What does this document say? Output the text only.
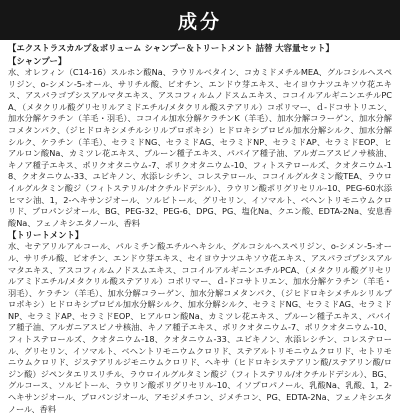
成分

【エクストラスカルプ＆ボリューム シャンプー＆トリートメント 詰替 大容量セット】

【シャンプー】

水、オレフィン（C14-16）スルホン酸Na、ラウリルベタイン、コカミドメチルMEA、グルコシルヘスペリジン、o-シメン-5-オール、サリチル酸、ビオチン、エンドウ芽エキス、セイヨウナツユキソウ花エキス、アスパラゴプシスアルマタエキス、アスコフィルムノドスムエキス、ココイルアルギニンエチルPCA、（メタクリル酸グリセリルアミドエチル/メタクリル酸ステアリル）コポリマー、ｄ-ドコサトリエン、加水分解ケラチン（羊毛・羽毛）、ココイル加水分解ケラチンK（羊毛）、加水分解コラーゲン、加水分解コメタンパク、（ジヒドロキシメチルシリルプロポキシ）ヒドロキシプロピル加水分解シルク、加水分解シルク、ケラチン（羊毛）、セラミドNG、セラミドAG、セラミドNP、セラミドAP、セラミドEOP、ヒアルロン酸Na、カミツレ花エキス、プルーン種子エキス、パパイア種子油、アルガニアスピノサ核油、キノア種子エキス、ポリクオタニウム-7、ポリクオタニウム-10、フィトステロールズ、クオタニウム-18、クオタニウム-33、ユビキノン、水添レシチン、コレステロール、ココイルグルタミン酸TEA、ラウロイルグルタミン酸ジ（フィトステリル/オクチルドデシル）、ラウリン酸ポリグリセリル-10、PEG-60水添ヒマシ油、1，2-ヘキサンジオール、ソルビトール、グリセリン、イソマルト、ベヘントリモニウムクロリド、プロパンジオール、BG、PEG-32、PEG-6、DPG、PG、塩化Na、クエン酸、EDTA-2Na、安息香酸Na、フェノキシエタノール、香料

【トリートメント】

水、セテアリルアルコール、パルミチン酸エチルヘキシル、グルコシルヘスペリジン、o-シメン-5-オール、サリチル酸、ビオチン、エンドウ芽エキス、セイヨウナツユキソウ花エキス、アスパラゴプシスアルマタエキス、アスコフィルムノドスムエキス、ココイルアルギニンエチルPCA、（メタクリル酸グリセリルアミドエチル/メタクリル酸ステアリル）コポリマー、ｄ-ドコサトリエン、加水分解ケラチン（羊毛・羽毛）、ケラチン（羊毛）、加水分解コラーゲン、加水分解コメタンパク、（ジヒドロキシメチルシリルプロポキシ）ヒドロキシプロピル加水分解シルク、加水分解シルク、セラミドNG、セラミドAG、セラミドNP、セラミドAP、セラミドEOP、ヒアルロン酸Na、カミツレ花エキス、プルーン種子エキス、パパイア種子油、アルガニアスピノサ核油、キノア種子エキス、ポリクオタニウム-7、ポリクオタニウム-10、フィトステロールズ、クオタニウム-18、クオタニウム-33、ユビキノン、水添レシチン、コレステロール、グリセリン、イソマルト、ベヘントリモニウムクロリド、ステアルトリモニウムクロリド、セトリモニウムクロリド、ジステアリルジモニウムクロリド、ヘキサ（ヒドロキシステアリン酸/ステアリン酸/ロジン酸）ジペンタエリスリチル、ラウロイルグルタミン酸ジ（フィトステリル/オクチルドデシル）、BG、グルコース、ソルビトール、ラウリン酸ポリグリセリル-10、イソプロパノール、乳酸Na、乳酸、1，2-ヘキサンジオール、プロパンジオール、アモジメチコン、ジメチコン、PG、EDTA-2Na、フェノキシエタノール、香料
